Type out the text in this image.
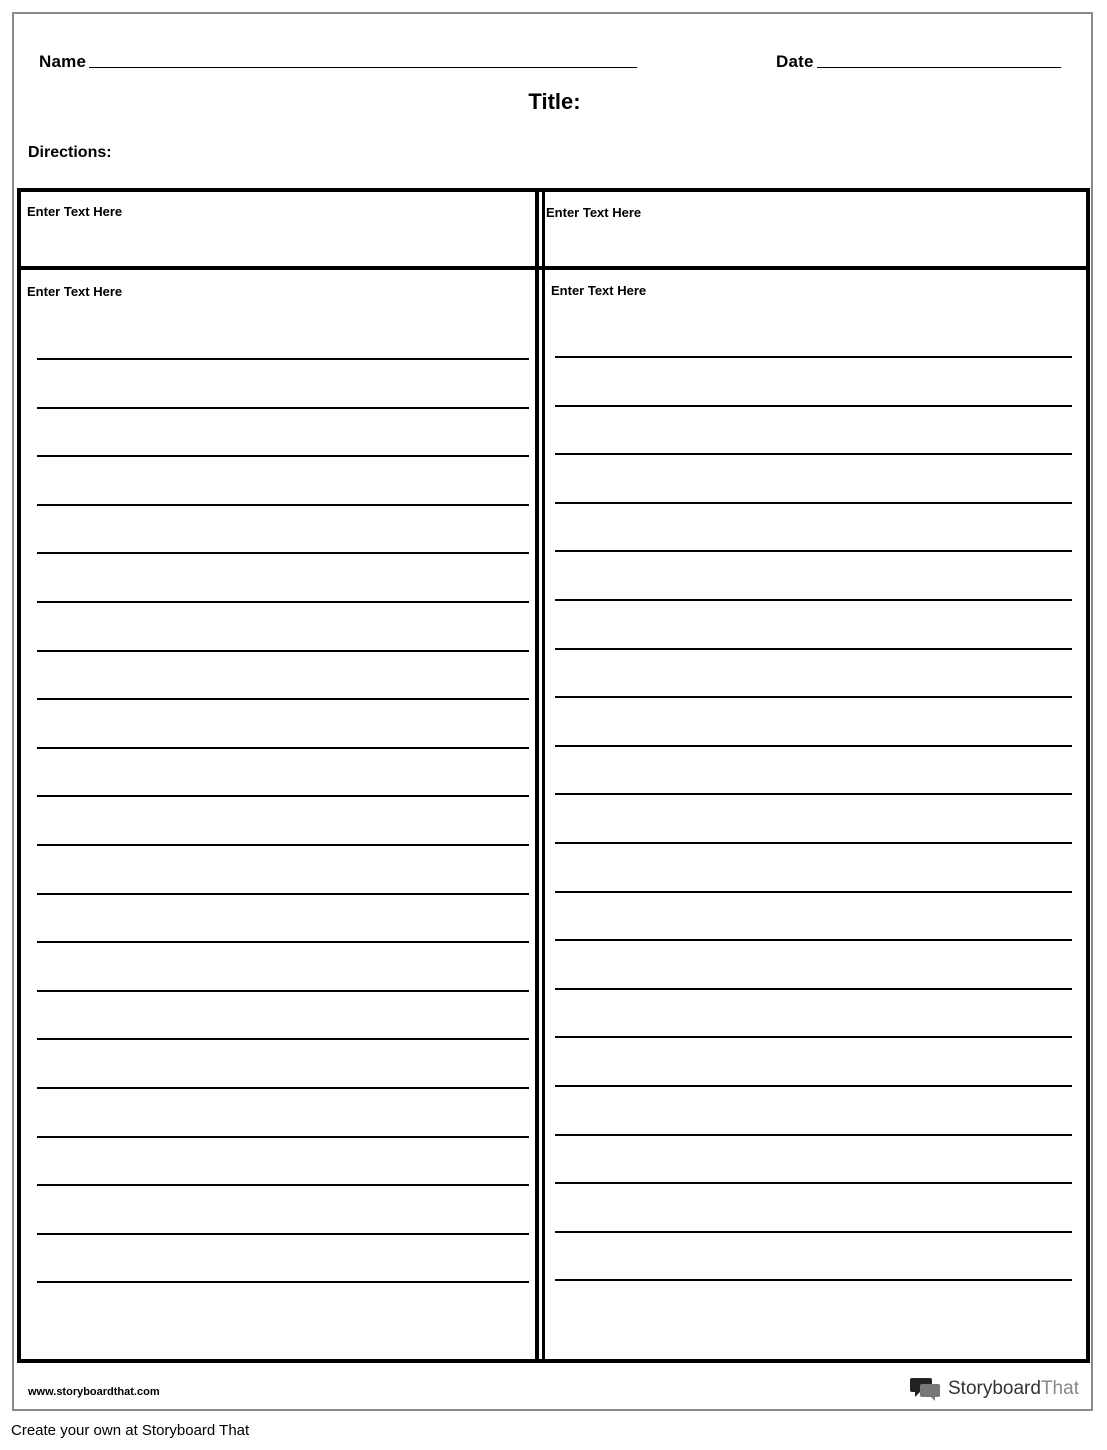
Name	Date
Title:
Directions:
Enter Text Here	Enter Text Here
Enter Text Here	Enter Text Here
www.storyboardthat.com	StoryboardThat
Create your own at Storyboard That
